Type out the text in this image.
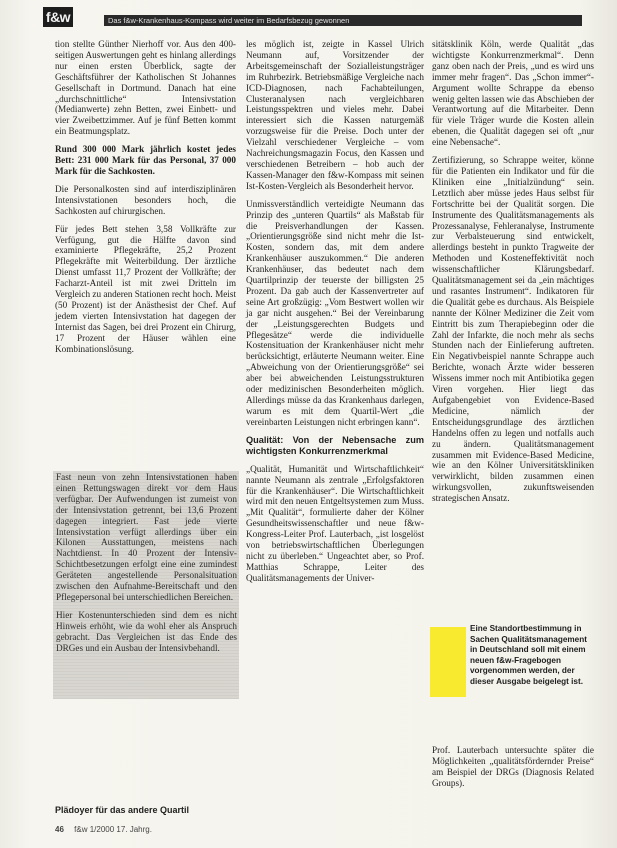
f&w	Das f&w-Krankenhaus-Kompass wird weiter im Bedarfsbezug gewonnen

tion stellte Günther Nierhoff vor. Aus den 400-seitigen Auswertungen geht es hinlang allerdings nur einen ersten Überblick, sagte der Geschäftsführer der Katholischen St Johannes Gesellschaft in Dortmund. Danach hat eine „durchschnittliche“ Intensivstation (Medianwerte) zehn Betten, zwei Einbett- und vier Zweibettzimmer. Auf je fünf Betten kommt ein Beatmungsplatz.

Rund 300 000 Mark jährlich kostet jedes Bett: 231 000 Mark für das Personal, 37 000 Mark für die Sachkosten.

Die Personalkosten sind auf interdisziplinären Intensivstationen besonders hoch, die Sachkosten auf chirurgischen.

Für jedes Bett stehen 3,58 Vollkräfte zur Verfügung, gut die Hälfte davon sind examinierte Pflegekräfte, 25,2 Prozent Pflegekräfte mit Weiterbildung. Der ärztliche Dienst umfasst 11,7 Prozent der Vollkräfte; der Facharzt-Anteil ist mit zwei Dritteln im Vergleich zu anderen Stationen recht hoch. Meist (50 Prozent) ist der Anästhesist der Chef. Auf jedem vierten Intensivstation hat dagegen der Internist das Sagen, bei drei Prozent ein Chirurg, 17 Prozent der Häuser wählen eine Kombinationslösung.

Fast neun von zehn Intensivstationen haben einen Rettungswagen direkt vor dem Haus verfügbar. Der Aufwendungen ist zumeist von der Intensivstation getrennt, bei 13,6 Prozent dagegen integriert. Fast jede vierte Intensivstation verfügt allerdings über ein Kilonen Ausstattungen, meistens nach Nachtdienst. In 40 Prozent der Intensiv-Schichtbesetzungen erfolgt eine eine zumindest Geräteten angestellende Personalsituation zwischen den Aufnahme-Bereitschaft und den Pflegepersonal bei unterschiedlichen Bereichen.

Hier Kostenunterschieden sind dem es nicht Hinweis erhöht, wie da wohl eher als Anspruch gebracht. Das Vergleichen ist das Ende des DRGes und ein Ausbau der Intensivbehandl.

Plädoyer für das andere Quartil

les möglich ist, zeigte in Kassel Ulrich Neumann auf, Vorsitzender der Arbeitsgemeinschaft der Sozialleistungsträger im Ruhrbezirk. Betriebsmäßige Vergleiche nach ICD-Diagnosen, nach Fachabteilungen, Clusteranalysen nach vergleichbaren Leistungsspektren und vieles mehr. Dabei interessiert sich die Kassen naturgemäß vorzugsweise für die Preise. Doch unter der Vielzahl verschiedener Vergleiche – vom Nachreichungsmagazin Focus, den Kassen und verschiedenen Betreibern – hob auch der Kassen-Manager den f&w-Kompass mit seinen Ist-Kosten-Vergleich als Besonderheit hervor.

Unmissverständlich verteidigte Neumann das Prinzip des „unteren Quartils“ als Maßstab für die Preisverhandlungen der Kassen. „Orientierungsgröße sind nicht mehr die Ist-Kosten, sondern das, mit dem andere Krankenhäuser auszukommen.“ Die anderen Krankenhäuser, das bedeutet nach dem Quartilprinzip der teuerste der billigsten 25 Prozent. Da gab auch der Kassenvertreter auf seine Art großzügig: „Vom Bestwert wollen wir ja gar nicht ausgehen.“ Bei der Vereinbarung der „Leistungsgerechten Budgets und Pflegesätze“ werde die individuelle Kostensituation der Krankenhäuser nicht mehr berücksichtigt, erläuterte Neumann weiter. Eine „Abweichung von der Orientierungsgröße“ sei aber bei abweichenden Leistungsstrukturen oder medizinischen Besonderheiten möglich. Allerdings müsse da das Krankenhaus darlegen, warum es mit dem Quartil-Wert „die vereinbarten Leistungen nicht erbringen kann“.

Qualität: Von der Nebensache zum wichtigsten Konkurrenzmerkmal

„Qualität, Humanität und Wirtschaftlichkeit“ nannte Neumann als zentrale „Erfolgsfaktoren für die Krankenhäuser“. Die Wirtschaftlichkeit wird mit den neuen Entgeltsystemen zum Muss. „Mit Qualität“, formulierte daher der Kölner Gesundheitswissenschaftler und neue f&w-Kongress-Leiter Prof. Lauterbach, „ist losgelöst von betriebswirtschaftlichen Überlegungen nicht zu überleben.“ Ungeachtet aber, so Prof. Matthias Schrappe, Leiter des Qualitätsmanagements der Univer-

sitätsklinik Köln, werde Qualität „das wichtigste Konkurrenzmerkmal“. Denn ganz oben nach der Preis, „und es wird uns immer mehr fragen“. Das „Schon immer“-Argument wollte Schrappe da ebenso wenig gelten lassen wie das Abschieben der Verantwortung auf die Mitarbeiter. Denn für viele Träger wurde die Kosten allein ebenen, die Qualität dagegen sei oft „nur eine Nebensache“.

Zertifizierung, so Schrappe weiter, könne für die Patienten ein Indikator und für die Kliniken eine „Initialzündung“ sein. Letztlich aber müsse jedes Haus selbst für Fortschritte bei der Qualität sorgen. Die Instrumente des Qualitätsmanagements als Prozessanalyse, Fehleranalyse, Instrumente zur Verbalsteuerung sind entwickelt, allerdings besteht in punkto Tragweite der Methoden und Kosteneffektivität noch wissenschaftlicher Klärungsbedarf. Qualitätsmanagement sei da „ein mächtiges und rasantes Instrument“. Indikatoren für die Qualität gebe es durchaus. Als Beispiele nannte der Kölner Mediziner die Zeit vom Eintritt bis zum Therapiebeginn oder die Zahl der Infarkte, die noch mehr als sechs Stunden nach der Einlieferung auftreten. Ein Negativbeispiel nannte Schrappe auch Berichte, wonach Ärzte wider besseren Wissens immer noch mit Antibiotika gegen Viren vorgehen. Hier liegt das Aufgabengebiet von Evidence-Based Medicine, nämlich der Entscheidungsgrundlage des ärztlichen Handelns offen zu legen und notfalls auch zu ändern. Qualitätsmanagement zusammen mit Evidence-Based Medicine, wie an den Kölner Universitätskliniken verwirklicht, bilden zusammen einen wirkungsvollen, zukunftsweisenden strategischen Ansatz.

Eine Standortbestimmung in Sachen Qualitätsmanagement in Deutschland soll mit einem neuen f&w-Fragebogen vorgenommen werden, der dieser Ausgabe beigelegt ist.
Prof. Lauterbach untersuchte später die Möglichkeiten „qualitätsfördernder Preise“ am Beispiel der DRGs (Diagnosis Related Groups).
46 f&w 1/2000 17. Jahrg.
